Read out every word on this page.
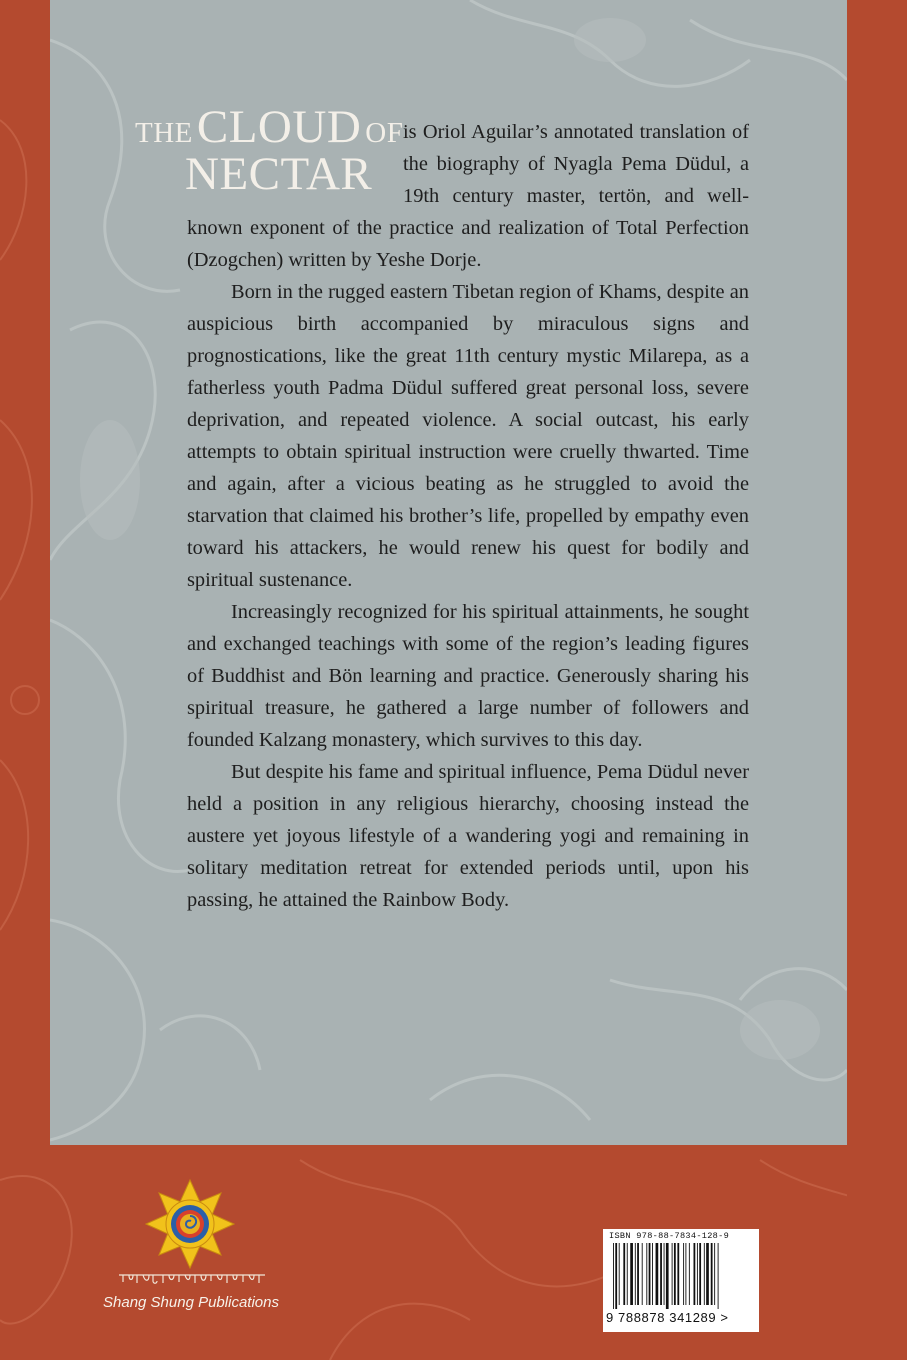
THE CLOUD OF
NECTAR

is Oriol Aguilar’s annotated translation of the biography of Nyagla Pema Düdul, a 19th century master, tertön, and well-known exponent of the practice and realization of Total Perfection (Dzogchen) written by Yeshe Dorje.

Born in the rugged eastern Tibetan region of Khams, despite an auspicious birth accompanied by miraculous signs and prognostications, like the great 11th century mystic Milarepa, as a fatherless youth Padma Düdul suffered great personal loss, severe deprivation, and repeated violence. A social outcast, his early attempts to obtain spiritual instruction were cruelly thwarted. Time and again, after a vicious beating as he struggled to avoid the starvation that claimed his brother’s life, propelled by empathy even toward his attackers, he would renew his quest for bodily and spiritual sustenance.

Increasingly recognized for his spiritual attainments, he sought and exchanged teachings with some of the region’s leading figures of Buddhist and Bön learning and practice. Generously sharing his spiritual treasure, he gathered a large number of followers and founded Kalzang monastery, which survives to this day.

But despite his fame and spiritual influence, Pema Düdul never held a position in any religious hierarchy, choosing instead the austere yet joyous lifestyle of a wandering yogi and remaining in solitary meditation retreat for extended periods until, upon his passing, he attained the Rainbow Body.

Shang Shung Publications
ISBN 978-88-7834-128-9
9 788878 341289 >
